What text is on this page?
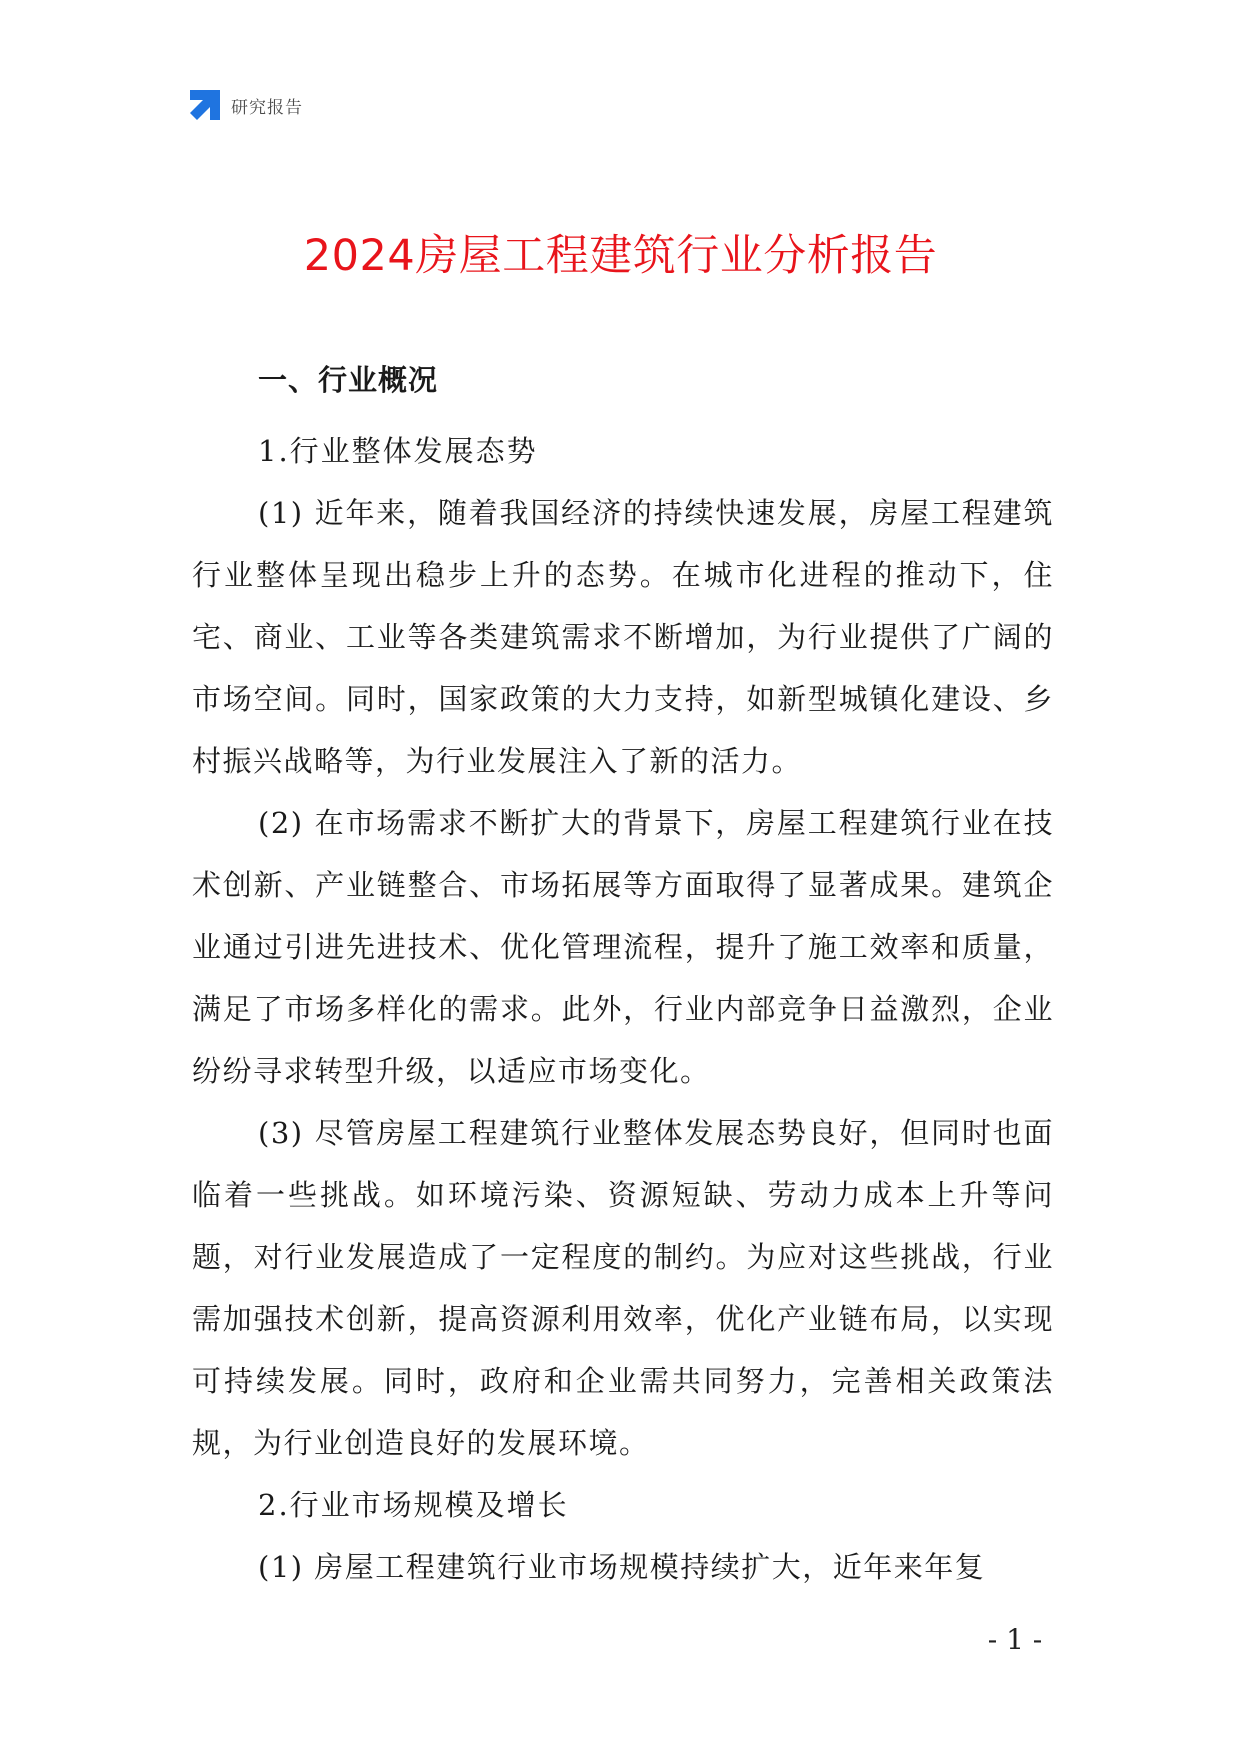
研究报告
2024房屋工程建筑行业分析报告
一、行业概况
1.行业整体发展态势

(1) 近年来，随着我国经济的持续快速发展，房屋工程建筑行业整体呈现出稳步上升的态势。在城市化进程的推动下，住宅、商业、工业等各类建筑需求不断增加，为行业提供了广阔的市场空间。同时，国家政策的大力支持，如新型城镇化建设、乡村振兴战略等，为行业发展注入了新的活力。

(2) 在市场需求不断扩大的背景下，房屋工程建筑行业在技术创新、产业链整合、市场拓展等方面取得了显著成果。建筑企业通过引进先进技术、优化管理流程，提升了施工效率和质量，满足了市场多样化的需求。此外，行业内部竞争日益激烈，企业纷纷寻求转型升级，以适应市场变化。

(3) 尽管房屋工程建筑行业整体发展态势良好，但同时也面临着一些挑战。如环境污染、资源短缺、劳动力成本上升等问题，对行业发展造成了一定程度的制约。为应对这些挑战，行业需加强技术创新，提高资源利用效率，优化产业链布局，以实现可持续发展。同时，政府和企业需共同努力，完善相关政策法规，为行业创造良好的发展环境。

2.行业市场规模及增长

(1) 房屋工程建筑行业市场规模持续扩大，近年来年复

- 1 -
